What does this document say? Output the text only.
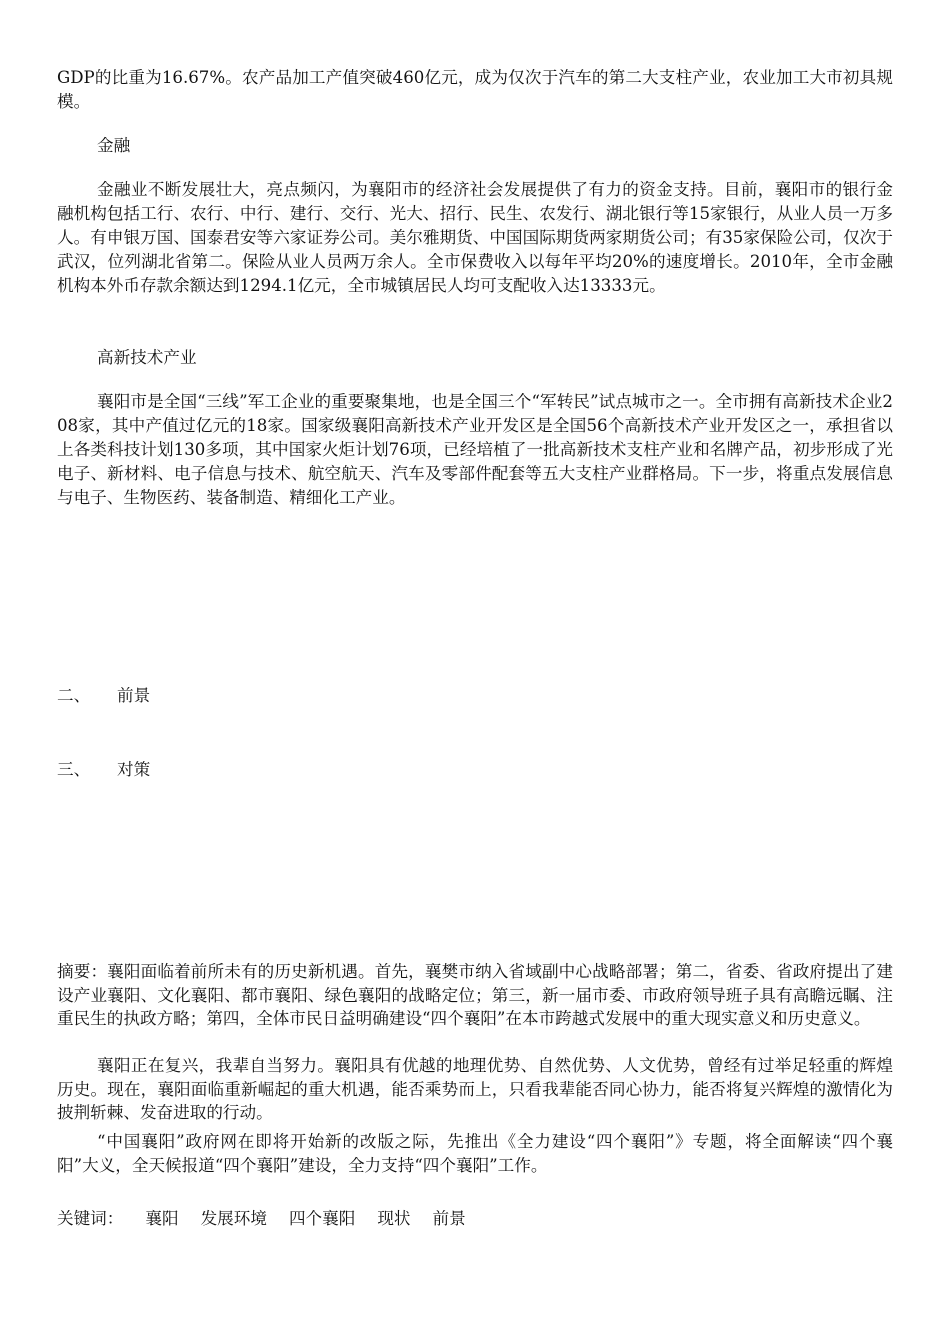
GDP的比重为16.67%。农产品加工产值突破460亿元，成为仅次于汽车的第二大支柱产业，农业加工大市初具规模。

金融

金融业不断发展壮大，亮点频闪，为襄阳市的经济社会发展提供了有力的资金支持。目前，襄阳市的银行金融机构包括工行、农行、中行、建行、交行、光大、招行、民生、农发行、湖北银行等15家银行，从业人员一万多人。有申银万国、国泰君安等六家证券公司。美尔雅期货、中国国际期货两家期货公司；有35家保险公司，仅次于武汉，位列湖北省第二。保险从业人员两万余人。全市保费收入以每年平均20%的速度增长。2010年，全市金融机构本外币存款余额达到1294.1亿元，全市城镇居民人均可支配收入达13333元。

高新技术产业

襄阳市是全国“三线”军工企业的重要聚集地，也是全国三个“军转民”试点城市之一。全市拥有高新技术企业208家，其中产值过亿元的18家。国家级襄阳高新技术产业开发区是全国56个高新技术产业开发区之一，承担省以上各类科技计划130多项，其中国家火炬计划76项，已经培植了一批高新技术支柱产业和名牌产品，初步形成了光电子、新材料、电子信息与技术、航空航天、汽车及零部件配套等五大支柱产业群格局。下一步，将重点发展信息与电子、生物医药、装备制造、精细化工产业。

二、 前景

三、 对策

摘要：襄阳面临着前所未有的历史新机遇。首先，襄樊市纳入省域副中心战略部署；第二，省委、省政府提出了建设产业襄阳、文化襄阳、都市襄阳、绿色襄阳的战略定位；第三，新一届市委、市政府领导班子具有高瞻远瞩、注重民生的执政方略；第四，全体市民日益明确建设“四个襄阳”在本市跨越式发展中的重大现实意义和历史意义。

襄阳正在复兴，我辈自当努力。襄阳具有优越的地理优势、自然优势、人文优势，曾经有过举足轻重的辉煌历史。现在，襄阳面临重新崛起的重大机遇，能否乘势而上，只看我辈能否同心协力，能否将复兴辉煌的激情化为披荆斩棘、发奋进取的行动。

“中国襄阳”政府网在即将开始新的改版之际，先推出《全力建设“四个襄阳”》专题，将全面解读“四个襄阳”大义，全天候报道“四个襄阳”建设，全力支持“四个襄阳”工作。

关键词： 襄阳 发展环境 四个襄阳 现状 前景
